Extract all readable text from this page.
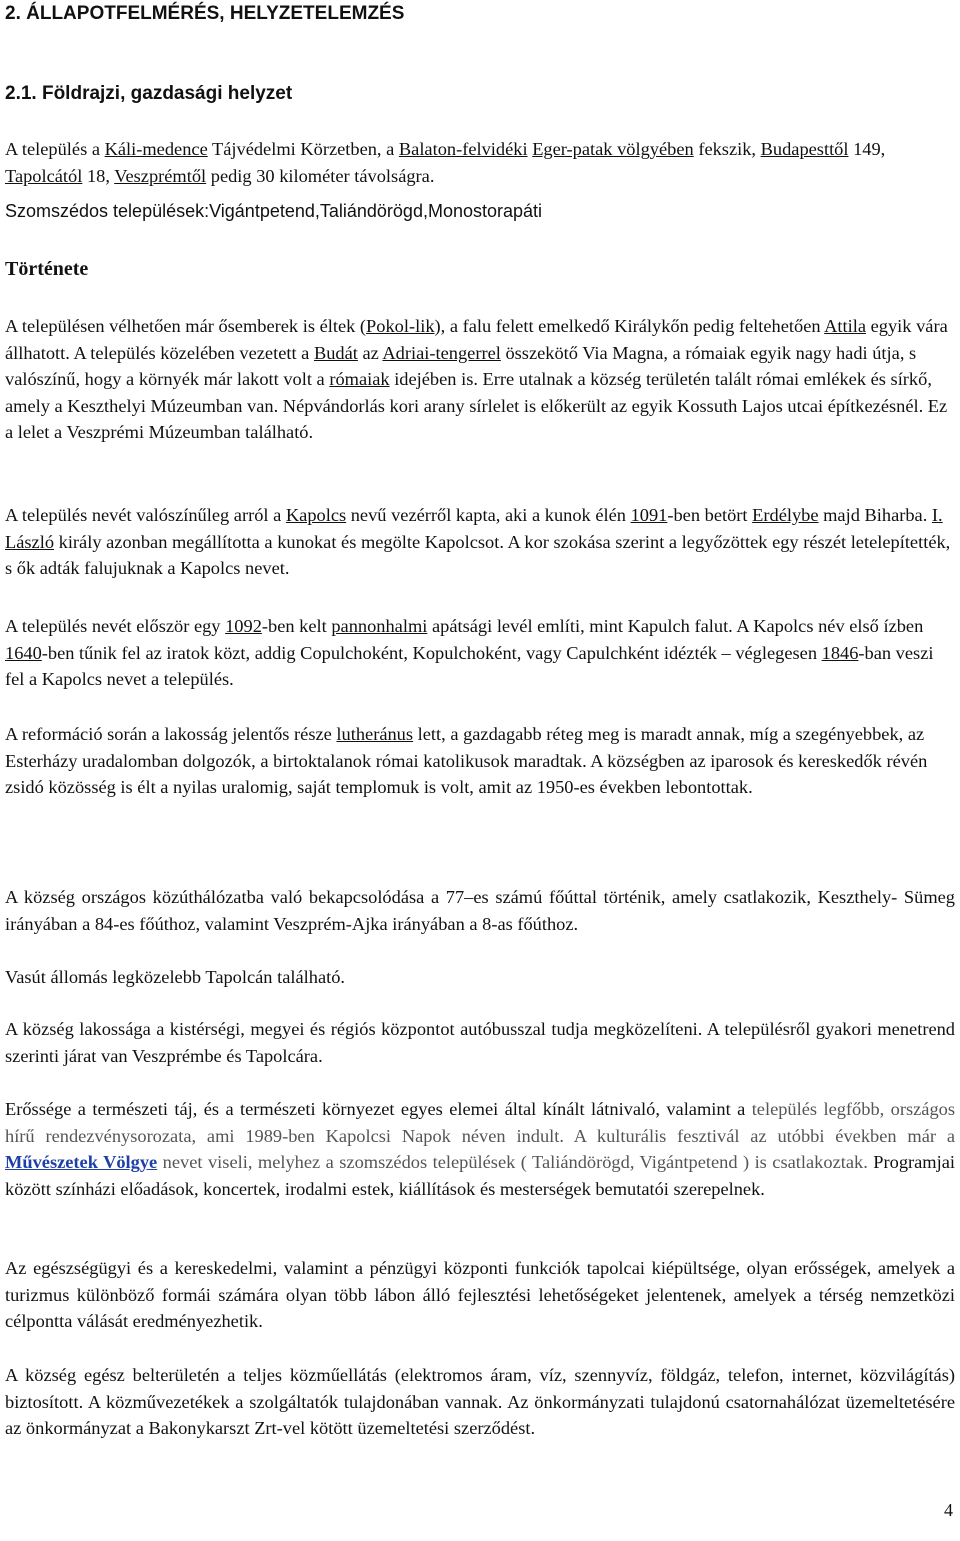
2. ÁLLAPOTFELMÉRÉS, HELYZETELEMZÉS

2.1. Földrajzi, gazdasági helyzet

A település a Káli-medence Tájvédelmi Körzetben, a Balaton-felvidéki Eger-patak völgyében fekszik, Budapesttől 149, Tapolcától 18, Veszprémtől pedig 30 kilométer távolságra.

Szomszédos települések:Vigántpetend,Taliándörögd,Monostorapáti

Története

A településen vélhetően már ősemberek is éltek (Pokol-lik), a falu felett emelkedő Királykőn pedig feltehetően Attila egyik vára állhatott. A település közelében vezetett a Budát az Adriai-tengerrel összekötő Via Magna, a rómaiak egyik nagy hadi útja, s valószínű, hogy a környék már lakott volt a rómaiak idejében is. Erre utalnak a község területén talált római emlékek és sírkő, amely a Keszthelyi Múzeumban van. Népvándorlás kori arany sírlelet is előkerült az egyik Kossuth Lajos utcai építkezésnél. Ez a lelet a Veszprémi Múzeumban található.

A település nevét valószínűleg arról a Kapolcs nevű vezérről kapta, aki a kunok élén 1091-ben betört Erdélybe majd Biharba. I. László király azonban megállította a kunokat és megölte Kapolcsot. A kor szokása szerint a legyőzöttek egy részét letelepítették, s ők adták falujuknak a Kapolcs nevet.

A település nevét először egy 1092-ben kelt pannonhalmi apátsági levél említi, mint Kapulch falut. A Kapolcs név első ízben 1640-ben tűnik fel az iratok közt, addig Copulchoként, Kopulchoként, vagy Capulchként idézték – véglegesen 1846-ban veszi fel a Kapolcs nevet a település.

A reformáció során a lakosság jelentős része lutheránus lett, a gazdagabb réteg meg is maradt annak, míg a szegényebbek, az Esterházy uradalomban dolgozók, a birtoktalanok római katolikusok maradtak. A községben az iparosok és kereskedők révén zsidó közösség is élt a nyilas uralomig, saját templomuk is volt, amit az 1950-es években lebontottak.

A község országos közúthálózatba való bekapcsolódása a 77–es számú főúttal történik, amely csatlakozik, Keszthely- Sümeg irányában a 84-es főúthoz, valamint Veszprém-Ajka irányában a 8-as főúthoz.

Vasút állomás legközelebb Tapolcán található.

A község lakossága a kistérségi, megyei és régiós központot autóbusszal tudja megközelíteni. A településről gyakori menetrend szerinti járat van Veszprémbe és Tapolcára.

Erőssége a természeti táj, és a természeti környezet egyes elemei által kínált látnivaló, valamint a település legfőbb, országos hírű rendezvénysorozata, ami 1989-ben Kapolcsi Napok néven indult. A kulturális fesztivál az utóbbi években már a Művészetek Völgye nevet viseli, melyhez a szomszédos települések ( Taliándörögd, Vigántpetend ) is csatlakoztak. Programjai között színházi előadások, koncertek, irodalmi estek, kiállítások és mesterségek bemutatói szerepelnek.

Az egészségügyi és a kereskedelmi, valamint a pénzügyi központi funkciók tapolcai kiépültsége, olyan erősségek, amelyek a turizmus különböző formái számára olyan több lábon álló fejlesztési lehetőségeket jelentenek, amelyek a térség nemzetközi célpontta válását eredményezhetik.

A község egész belterületén a teljes közműellátás (elektromos áram, víz, szennyvíz, földgáz, telefon, internet, közvilágítás) biztosított. A közművezetékek a szolgáltatók tulajdonában vannak. Az önkormányzati tulajdonú csatornahálózat üzemeltetésére az önkormányzat a Bakonykarszt Zrt-vel kötött üzemeltetési szerződést.

4
